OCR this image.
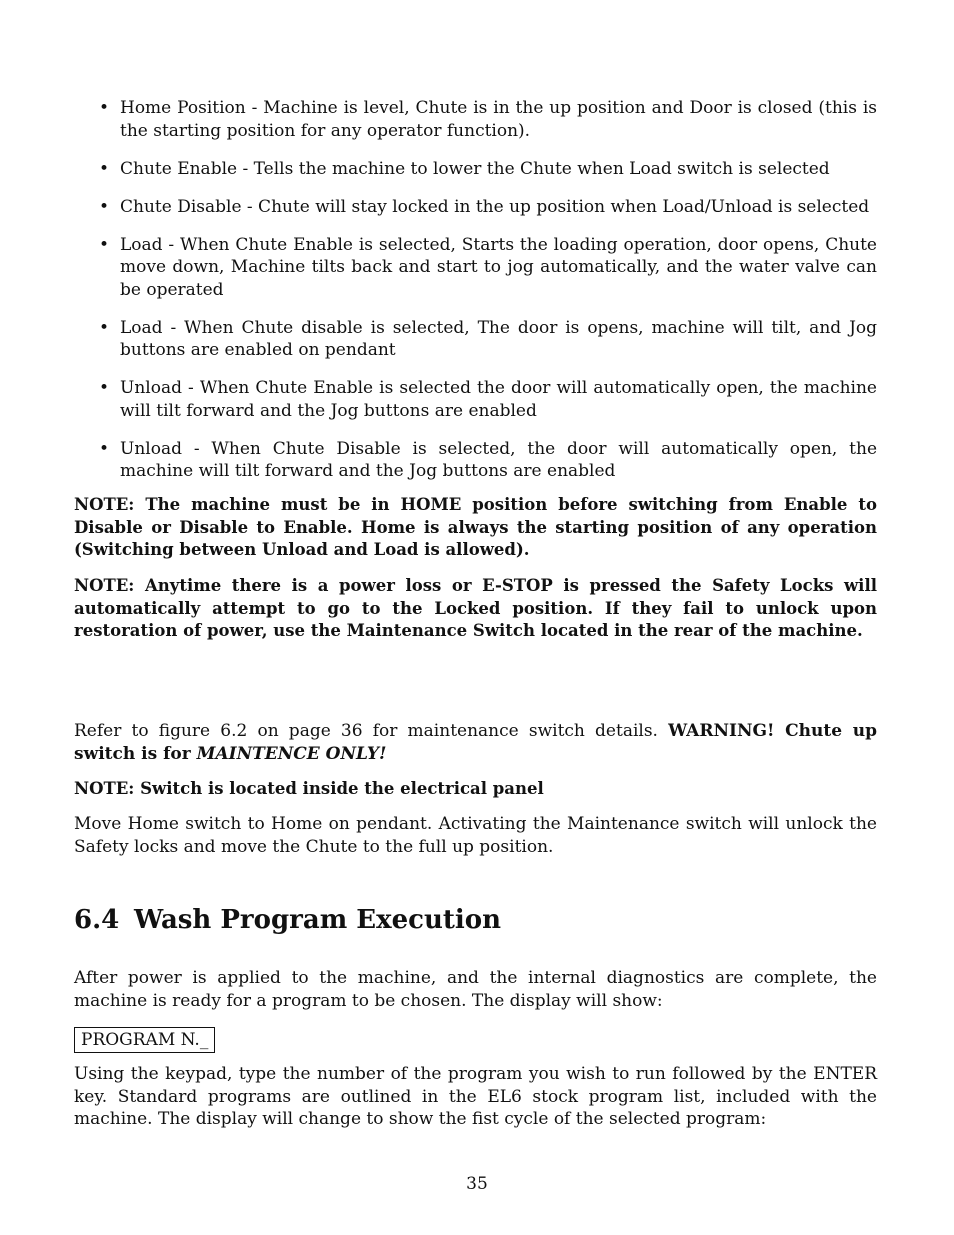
• Home Position - Machine is level, Chute is in the up position and Door is closed (this is the starting position for any operator function).
• Chute Enable - Tells the machine to lower the Chute when Load switch is selected
• Chute Disable - Chute will stay locked in the up position when Load/Unload is selected
• Load - When Chute Enable is selected, Starts the loading operation, door opens, Chute move down, Machine tilts back and start to jog automatically, and the water valve can be operated
• Load - When Chute disable is selected, The door is opens, machine will tilt, and Jog buttons are enabled on pendant
• Unload - When Chute Enable is selected the door will automatically open, the machine will tilt forward and the Jog buttons are enabled
• Unload - When Chute Disable is selected, the door will automatically open, the machine will tilt forward and the Jog buttons are enabled

NOTE: The machine must be in HOME position before switching from Enable to Disable or Disable to Enable. Home is always the starting position of any operation (Switching between Unload and Load is allowed).

NOTE: Anytime there is a power loss or E-STOP is pressed the Safety Locks will automatically attempt to go to the Locked position. If they fail to unlock upon restoration of power, use the Maintenance Switch located in the rear of the machine.

Refer to figure 6.2 on page 36 for maintenance switch details. WARNING! Chute up switch is for MAINTENCE ONLY!

NOTE: Switch is located inside the electrical panel

Move Home switch to Home on pendant. Activating the Maintenance switch will unlock the Safety locks and move the Chute to the full up position.

6.4 Wash Program Execution

After power is applied to the machine, and the internal diagnostics are complete, the machine is ready for a program to be chosen. The display will show:

PROGRAM N._

Using the keypad, type the number of the program you wish to run followed by the ENTER key. Standard programs are outlined in the EL6 stock program list, included with the machine. The display will change to show the fist cycle of the selected program:

35
